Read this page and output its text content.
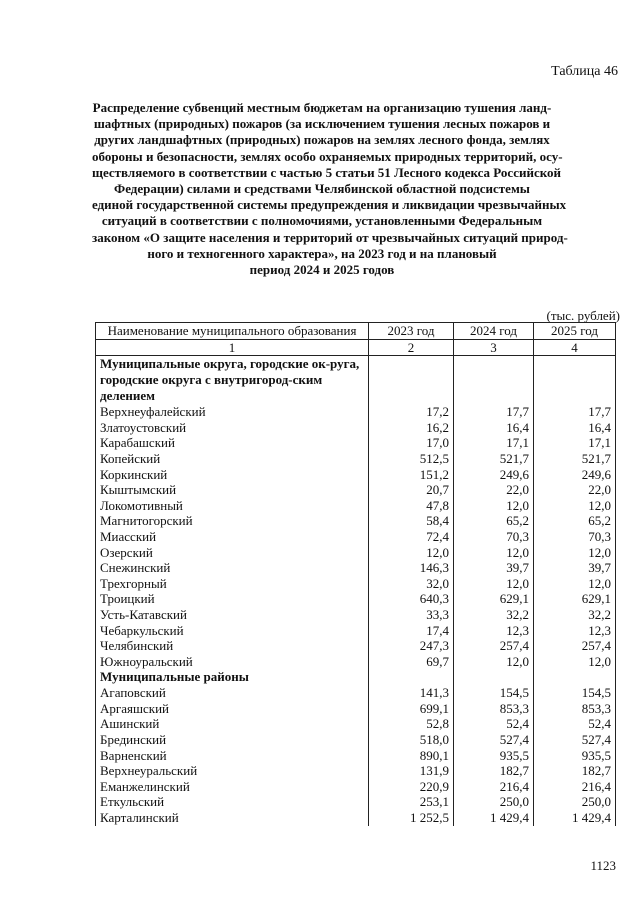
Таблица 46
Распределение субвенций местным бюджетам на организацию тушения ланд-
шафтных (природных) пожаров (за исключением тушения лесных пожаров и
других ландшафтных (природных) пожаров на землях лесного фонда, землях
обороны и безопасности, землях особо охраняемых природных территорий, осу-
ществляемого в соответствии с частью 5 статьи 51 Лесного кодекса Российской
Федерации) силами и средствами Челябинской областной подсистемы
единой государственной системы предупреждения и ликвидации чрезвычайных
ситуаций в соответствии с полномочиями, установленными Федеральным
законом «О защите населения и территорий от чрезвычайных ситуаций природ-
ного и техногенного характера», на 2023 год и на плановый
период 2024 и 2025 годов
(тыс. рублей)
Наименование муниципального образования	2023 год	2024 год	2025 год
1	2	3	4
Муниципальные округа, городские ок-руга, городские округа с внутригород-ским делением			
Верхнеуфалейский	17,2	17,7	17,7
Златоустовский	16,2	16,4	16,4
Карабашский	17,0	17,1	17,1
Копейский	512,5	521,7	521,7
Коркинский	151,2	249,6	249,6
Кыштымский	20,7	22,0	22,0
Локомотивный	47,8	12,0	12,0
Магнитогорский	58,4	65,2	65,2
Миасский	72,4	70,3	70,3
Озерский	12,0	12,0	12,0
Снежинский	146,3	39,7	39,7
Трехгорный	32,0	12,0	12,0
Троицкий	640,3	629,1	629,1
Усть-Катавский	33,3	32,2	32,2
Чебаркульский	17,4	12,3	12,3
Челябинский	247,3	257,4	257,4
Южноуральский	69,7	12,0	12,0
Муниципальные районы			
Агаповский	141,3	154,5	154,5
Аргаяшский	699,1	853,3	853,3
Ашинский	52,8	52,4	52,4
Брединский	518,0	527,4	527,4
Варненский	890,1	935,5	935,5
Верхнеуральский	131,9	182,7	182,7
Еманжелинский	220,9	216,4	216,4
Еткульский	253,1	250,0	250,0
Карталинский	1 252,5	1 429,4	1 429,4
1123
